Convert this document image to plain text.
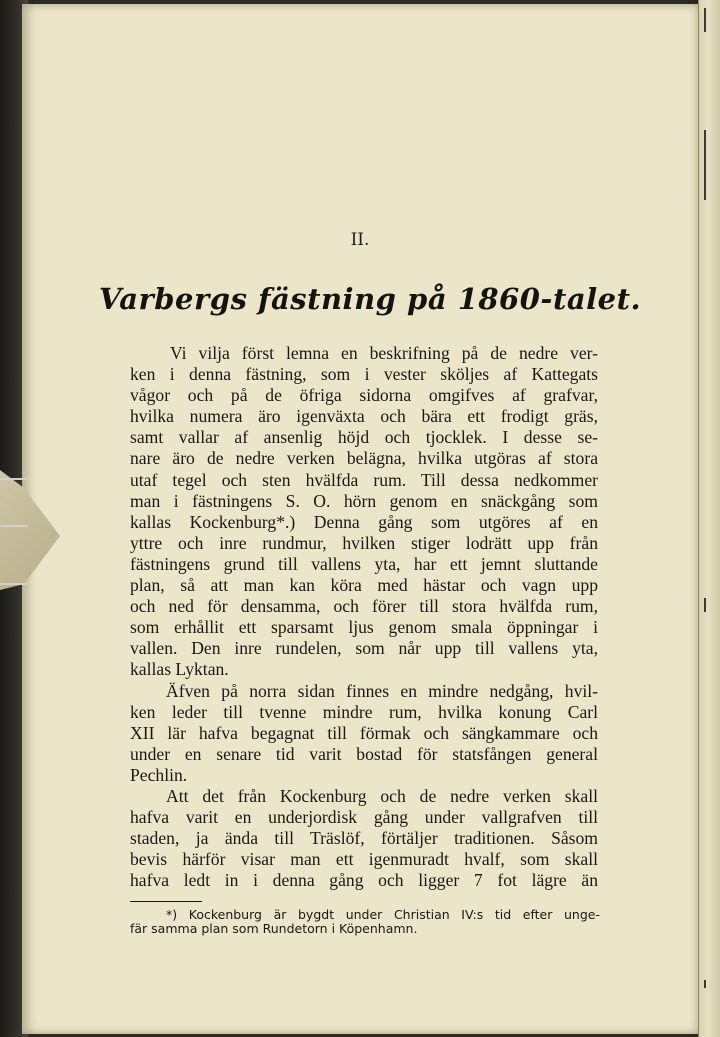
II.
Varbergs fästning på 1860-talet.
Vi vilja först lemna en beskrifning på de nedre ver-
ken i denna fästning, som i vester sköljes af Kattegats
vågor och på de öfriga sidorna omgifves af grafvar,
hvilka numera äro igenväxta och bära ett frodigt gräs,
samt vallar af ansenlig höjd och tjocklek. I desse se-
nare äro de nedre verken belägna, hvilka utgöras af stora
utaf tegel och sten hvälfda rum. Till dessa nedkommer
man i fästningens S. O. hörn genom en snäckgång som
kallas Kockenburg*.) Denna gång som utgöres af en
yttre och inre rundmur, hvilken stiger lodrätt upp från
fästningens grund till vallens yta, har ett jemnt sluttande
plan, så att man kan köra med hästar och vagn upp
och ned för densamma, och förer till stora hvälfda rum,
som erhållit ett sparsamt ljus genom smala öppningar i
vallen. Den inre rundelen, som når upp till vallens yta,
kallas Lyktan.
Äfven på norra sidan finnes en mindre nedgång, hvil-
ken leder till tvenne mindre rum, hvilka konung Carl
XII lär hafva begagnat till förmak och sängkammare och
under en senare tid varit bostad för statsfången general
Pechlin.
Att det från Kockenburg och de nedre verken skall
hafva varit en underjordisk gång under vallgrafven till
staden, ja ända till Träslöf, förtäljer traditionen. Såsom
bevis härför visar man ett igenmuradt hvalf, som skall
hafva ledt in i denna gång och ligger 7 fot lägre än
*) Kockenburg är bygdt under Christian IV:s tid efter unge-
fär samma plan som Rundetorn i Köpenhamn.
